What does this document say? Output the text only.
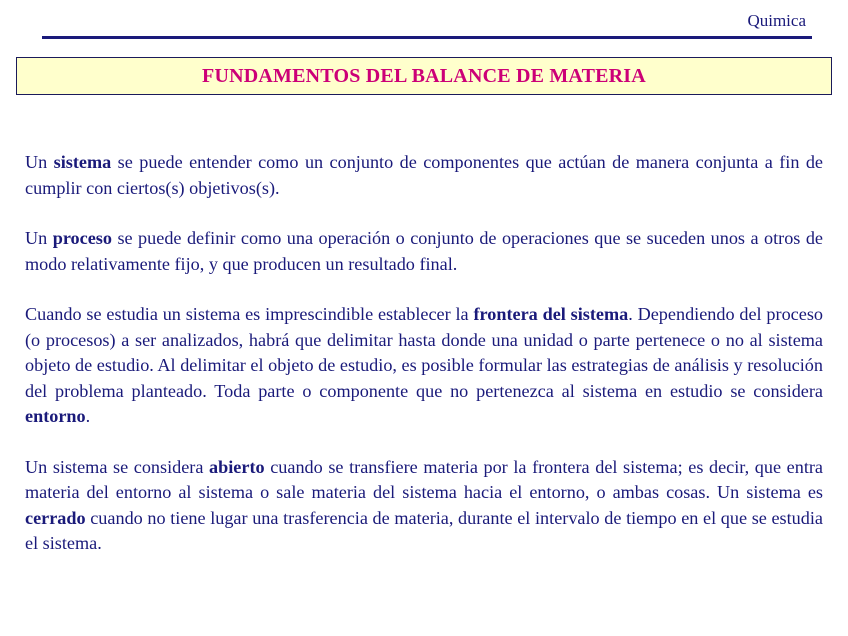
Quimica
FUNDAMENTOS DEL BALANCE DE MATERIA

Un sistema se puede entender como un conjunto de componentes que actúan de manera conjunta a fin de cumplir con ciertos(s) objetivos(s).

Un proceso se puede definir como una operación o conjunto de operaciones que se suceden unos a otros de modo relativamente fijo, y que producen un resultado final.

Cuando se estudia un sistema es imprescindible establecer la frontera del sistema. Dependiendo del proceso (o procesos) a ser analizados, habrá que delimitar hasta donde una unidad o parte pertenece o no al sistema objeto de estudio. Al delimitar el objeto de estudio, es posible formular las estrategias de análisis y resolución del problema planteado. Toda parte o componente que no pertenezca al sistema en estudio se considera entorno.

Un sistema se considera abierto cuando se transfiere materia por la frontera del sistema; es decir, que entra materia del entorno al sistema o sale materia del sistema hacia el entorno, o ambas cosas. Un sistema es cerrado cuando no tiene lugar una trasferencia de materia, durante el intervalo de tiempo en el que se estudia el sistema.
